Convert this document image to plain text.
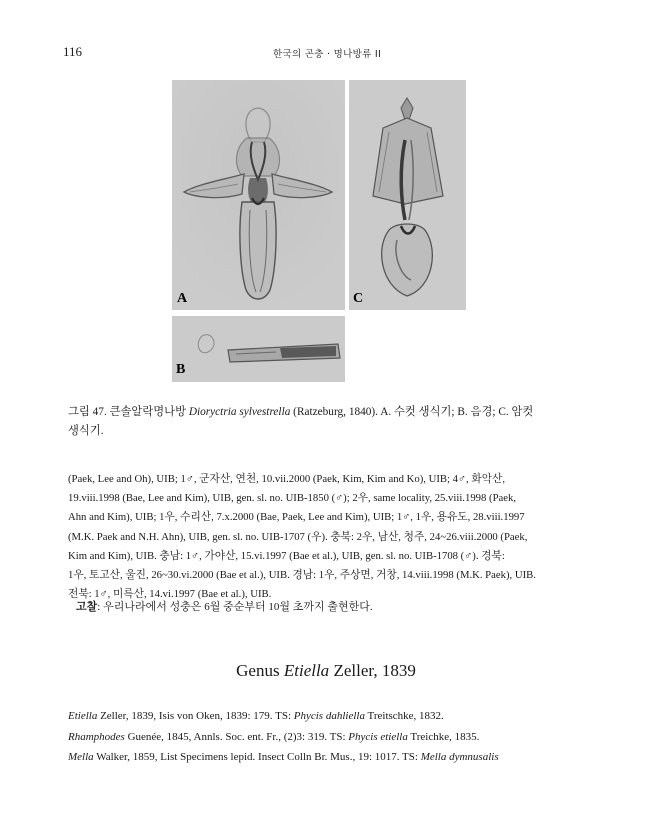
116	한국의 곤충 · 명나방류 II
A	C
B
그림 47. 큰솔알락명나방 Dioryctria sylvestrella (Ratzeburg, 1840). A. 수컷 생식기; B. 음경; C. 암컷
생식기.
(Paek, Lee and Oh), UIB; 1♂, 군자산, 연천, 10.vii.2000 (Paek, Kim, Kim and Ko), UIB; 4♂, 화악산,
19.viii.1998 (Bae, Lee and Kim), UIB, gen. sl. no. UIB-1850 (♂); 2우, same locality, 25.viii.1998 (Paek,
Ahn and Kim), UIB; 1우, 수리산, 7.x.2000 (Bae, Paek, Lee and Kim), UIB; 1♂, 1우, 용유도, 28.viii.1997
(M.K. Paek and N.H. Ahn), UIB, gen. sl. no. UIB-1707 (우). 충북: 2우, 남산, 청주, 24~26.viii.2000 (Paek,
Kim and Kim), UIB. 충남: 1♂, 가야산, 15.vi.1997 (Bae et al.), UIB, gen. sl. no. UIB-1708 (♂). 경북:
1우, 토고산, 울진, 26~30.vi.2000 (Bae et al.), UIB. 경남: 1우, 주상면, 거창, 14.viii.1998 (M.K. Paek), UIB.
전북: 1♂, 미륵산, 14.vi.1997 (Bae et al.), UIB.
고찰: 우리나라에서 성충은 6월 중순부터 10월 초까지 출현한다.
Genus Etiella Zeller, 1839
Etiella Zeller, 1839, Isis von Oken, 1839: 179. TS: Phycis dahliella Treitschke, 1832.
Rhamphodes Guenée, 1845, Annls. Soc. ent. Fr., (2)3: 319. TS: Phycis etiella Treichke, 1835.
Mella Walker, 1859, List Specimens lepid. Insect Colln Br. Mus., 19: 1017. TS: Mella dymnusalis
